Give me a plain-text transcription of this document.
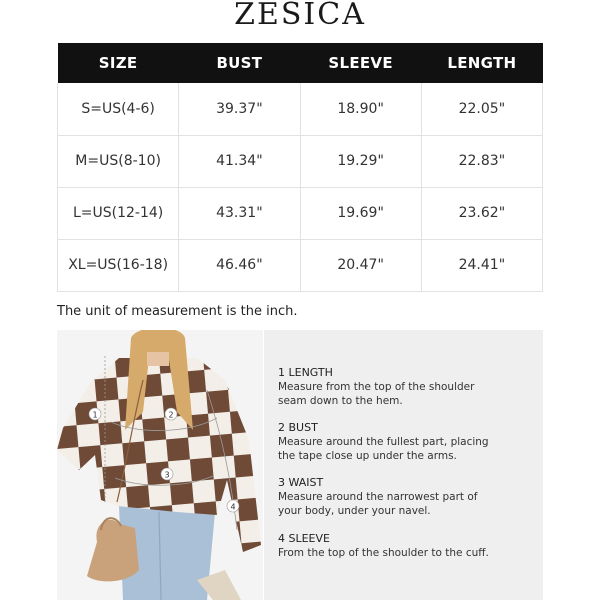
ZESICA
SIZE	BUST	SLEEVE	LENGTH
S=US(4-6)	39.37"	18.90"	22.05"
M=US(8-10)	41.34"	19.29"	22.83"
L=US(12-14)	43.31"	19.69"	23.62"
XL=US(16-18)	46.46"	20.47"	24.41"
The unit of measurement is the inch.
1	2
3
4
1 LENGTH
Measure from the top of the shoulder
seam down to the hem.
2 BUST
Measure around the fullest part, placing
the tape close up under the arms.
3 WAIST
Measure around the narrowest part of
your body, under your navel.
4 SLEEVE
From the top of the shoulder to the cuff.
